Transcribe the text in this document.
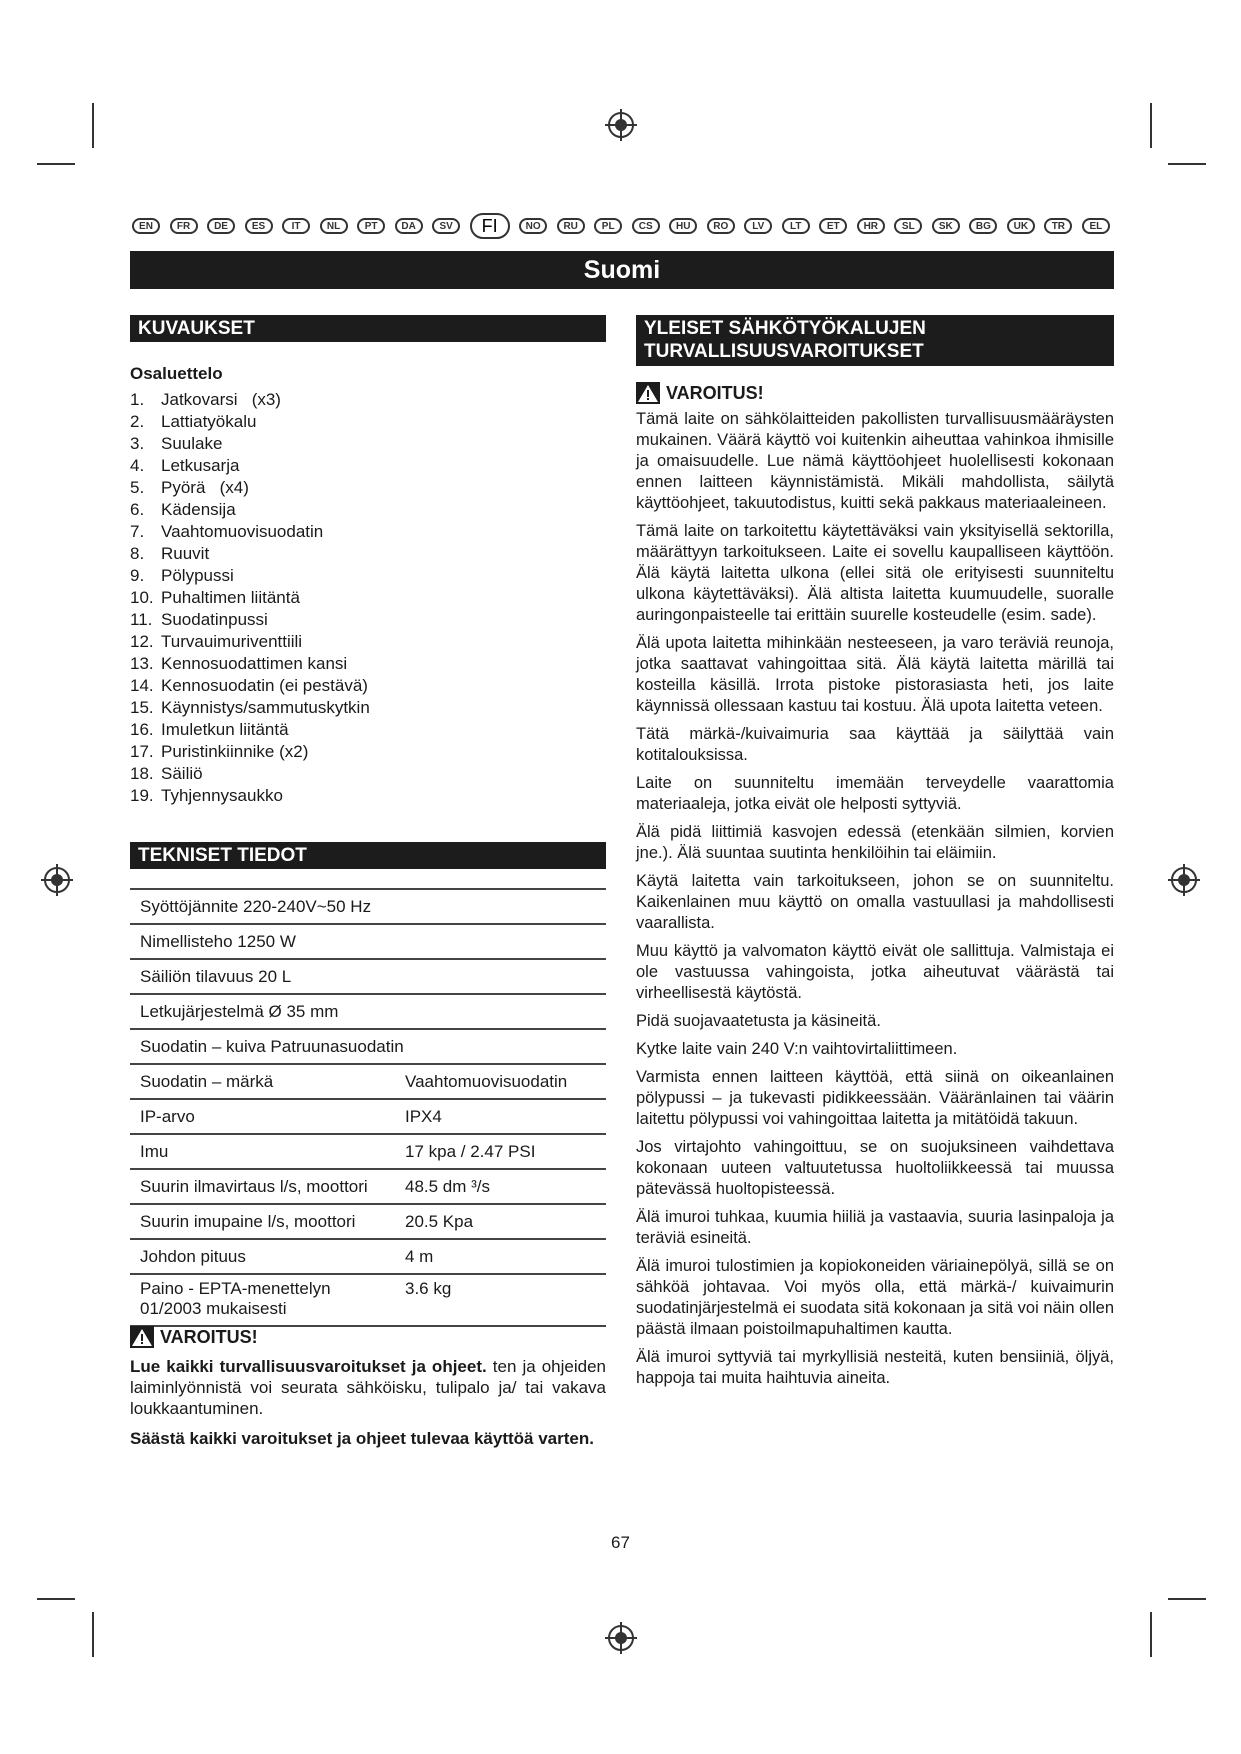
EN	FR	DE	ES	IT	NL	PT	DA	SV	FI	NO	RU	PL	CS	HU	RO	LV	LT	ET	HR	SL	SK	BG	UK	TR	EL
Suomi
KUVAUKSET
Osaluettelo
1. Jatkovarsi   (x3)
2. Lattiatyökalu
3. Suulake
4. Letkusarja
5. Pyörä   (x4)
6. Kädensija
7. Vaahtomuovisuodatin
8. Ruuvit
9. Pölypussi
10. Puhaltimen liitäntä
11. Suodatinpussi
12. Turvauimuriventtiili
13. Kennosuodattimen kansi
14. Kennosuodatin (ei pestävä)
15. Käynnistys/sammutuskytkin
16. Imuletkun liitäntä
17. Puristinkiinnike (x2)
18. Säiliö
19. Tyhjennysaukko
TEKNISET TIEDOT
Syöttöjännite 220-240V~50 Hz	
Nimellisteho 1250 W	
Säiliön tilavuus 20 L	
Letkujärjestelmä Ø 35 mm	
Suodatin – kuiva Patruunasuodatin	
Suodatin – märkä	Vaahtomuovisuodatin
IP-arvo	IPX4
Imu	17 kpa / 2.47 PSI
Suurin ilmavirtaus l/s, moottori	48.5 dm ³/s
Suurin imupaine l/s, moottori	20.5 Kpa
Johdon pituus	4 m
Paino - EPTA-menettelyn 01/2003 mukaisesti	3.6 kg
VAROITUS!

Lue kaikki turvallisuusvaroitukset ja ohjeet. ten ja ohjeiden laiminlyönnistä voi seurata sähköisku, tulipalo ja/ tai vakava loukkaantuminen.

Säästä kaikki varoitukset ja ohjeet tulevaa käyttöä varten.

YLEISET SÄHKÖTYÖKALUJEN
TURVALLISUUSVAROITUKSET
VAROITUS!

Tämä laite on sähkölaitteiden pakollisten turvallisuusmääräysten mukainen. Väärä käyttö voi kuitenkin aiheuttaa vahinkoa ihmisille ja omaisuudelle. Lue nämä käyttöohjeet huolellisesti kokonaan ennen laitteen käynnistämistä. Mikäli mahdollista, säilytä käyttöohjeet, takuutodistus, kuitti sekä pakkaus materiaaleineen.

Tämä laite on tarkoitettu käytettäväksi vain yksityisellä sektorilla, määrättyyn tarkoitukseen. Laite ei sovellu kaupalliseen käyttöön. Älä käytä laitetta ulkona (ellei sitä ole erityisesti suunniteltu ulkona käytettäväksi). Älä altista laitetta kuumuudelle, suoralle auringonpaisteelle tai erittäin suurelle kosteudelle (esim. sade).

Älä upota laitetta mihinkään nesteeseen, ja varo teräviä reunoja, jotka saattavat vahingoittaa sitä. Älä käytä laitetta märillä tai kosteilla käsillä. Irrota pistoke pistorasiasta heti, jos laite käynnissä ollessaan kastuu tai kostuu. Älä upota laitetta veteen.

Tätä märkä-/kuivaimuria saa käyttää ja säilyttää vain kotitalouksissa.

Laite on suunniteltu imemään terveydelle vaarattomia materiaaleja, jotka eivät ole helposti syttyviä.

Älä pidä liittimiä kasvojen edessä (etenkään silmien, korvien jne.). Älä suuntaa suutinta henkilöihin tai eläimiin.

Käytä laitetta vain tarkoitukseen, johon se on suunniteltu. Kaikenlainen muu käyttö on omalla vastuullasi ja mahdollisesti vaarallista.

Muu käyttö ja valvomaton käyttö eivät ole sallittuja. Valmistaja ei ole vastuussa vahingoista, jotka aiheutuvat väärästä tai virheellisestä käytöstä.

Pidä suojavaatetusta ja käsineitä.

Kytke laite vain 240 V:n vaihtovirtaliittimeen.

Varmista ennen laitteen käyttöä, että siinä on oikeanlainen pölypussi – ja tukevasti pidikkeessään. Vääränlainen tai väärin laitettu pölypussi voi vahingoittaa laitetta ja mitätöidä takuun.

Jos virtajohto vahingoittuu, se on suojuksineen vaihdettava kokonaan uuteen valtuutetussa huoltoliikkeessä tai muussa pätevässä huoltopisteessä.

Älä imuroi tuhkaa, kuumia hiiliä ja vastaavia, suuria lasinpaloja ja teräviä esineitä.

Älä imuroi tulostimien ja kopiokoneiden väriainepölyä, sillä se on sähköä johtavaa. Voi myös olla, että märkä-/ kuivaimurin suodatinjärjestelmä ei suodata sitä kokonaan ja sitä voi näin ollen päästä ilmaan poistoilmapuhaltimen kautta.

Älä imuroi syttyviä tai myrkyllisiä nesteitä, kuten bensiiniä, öljyä, happoja tai muita haihtuvia aineita.

67
